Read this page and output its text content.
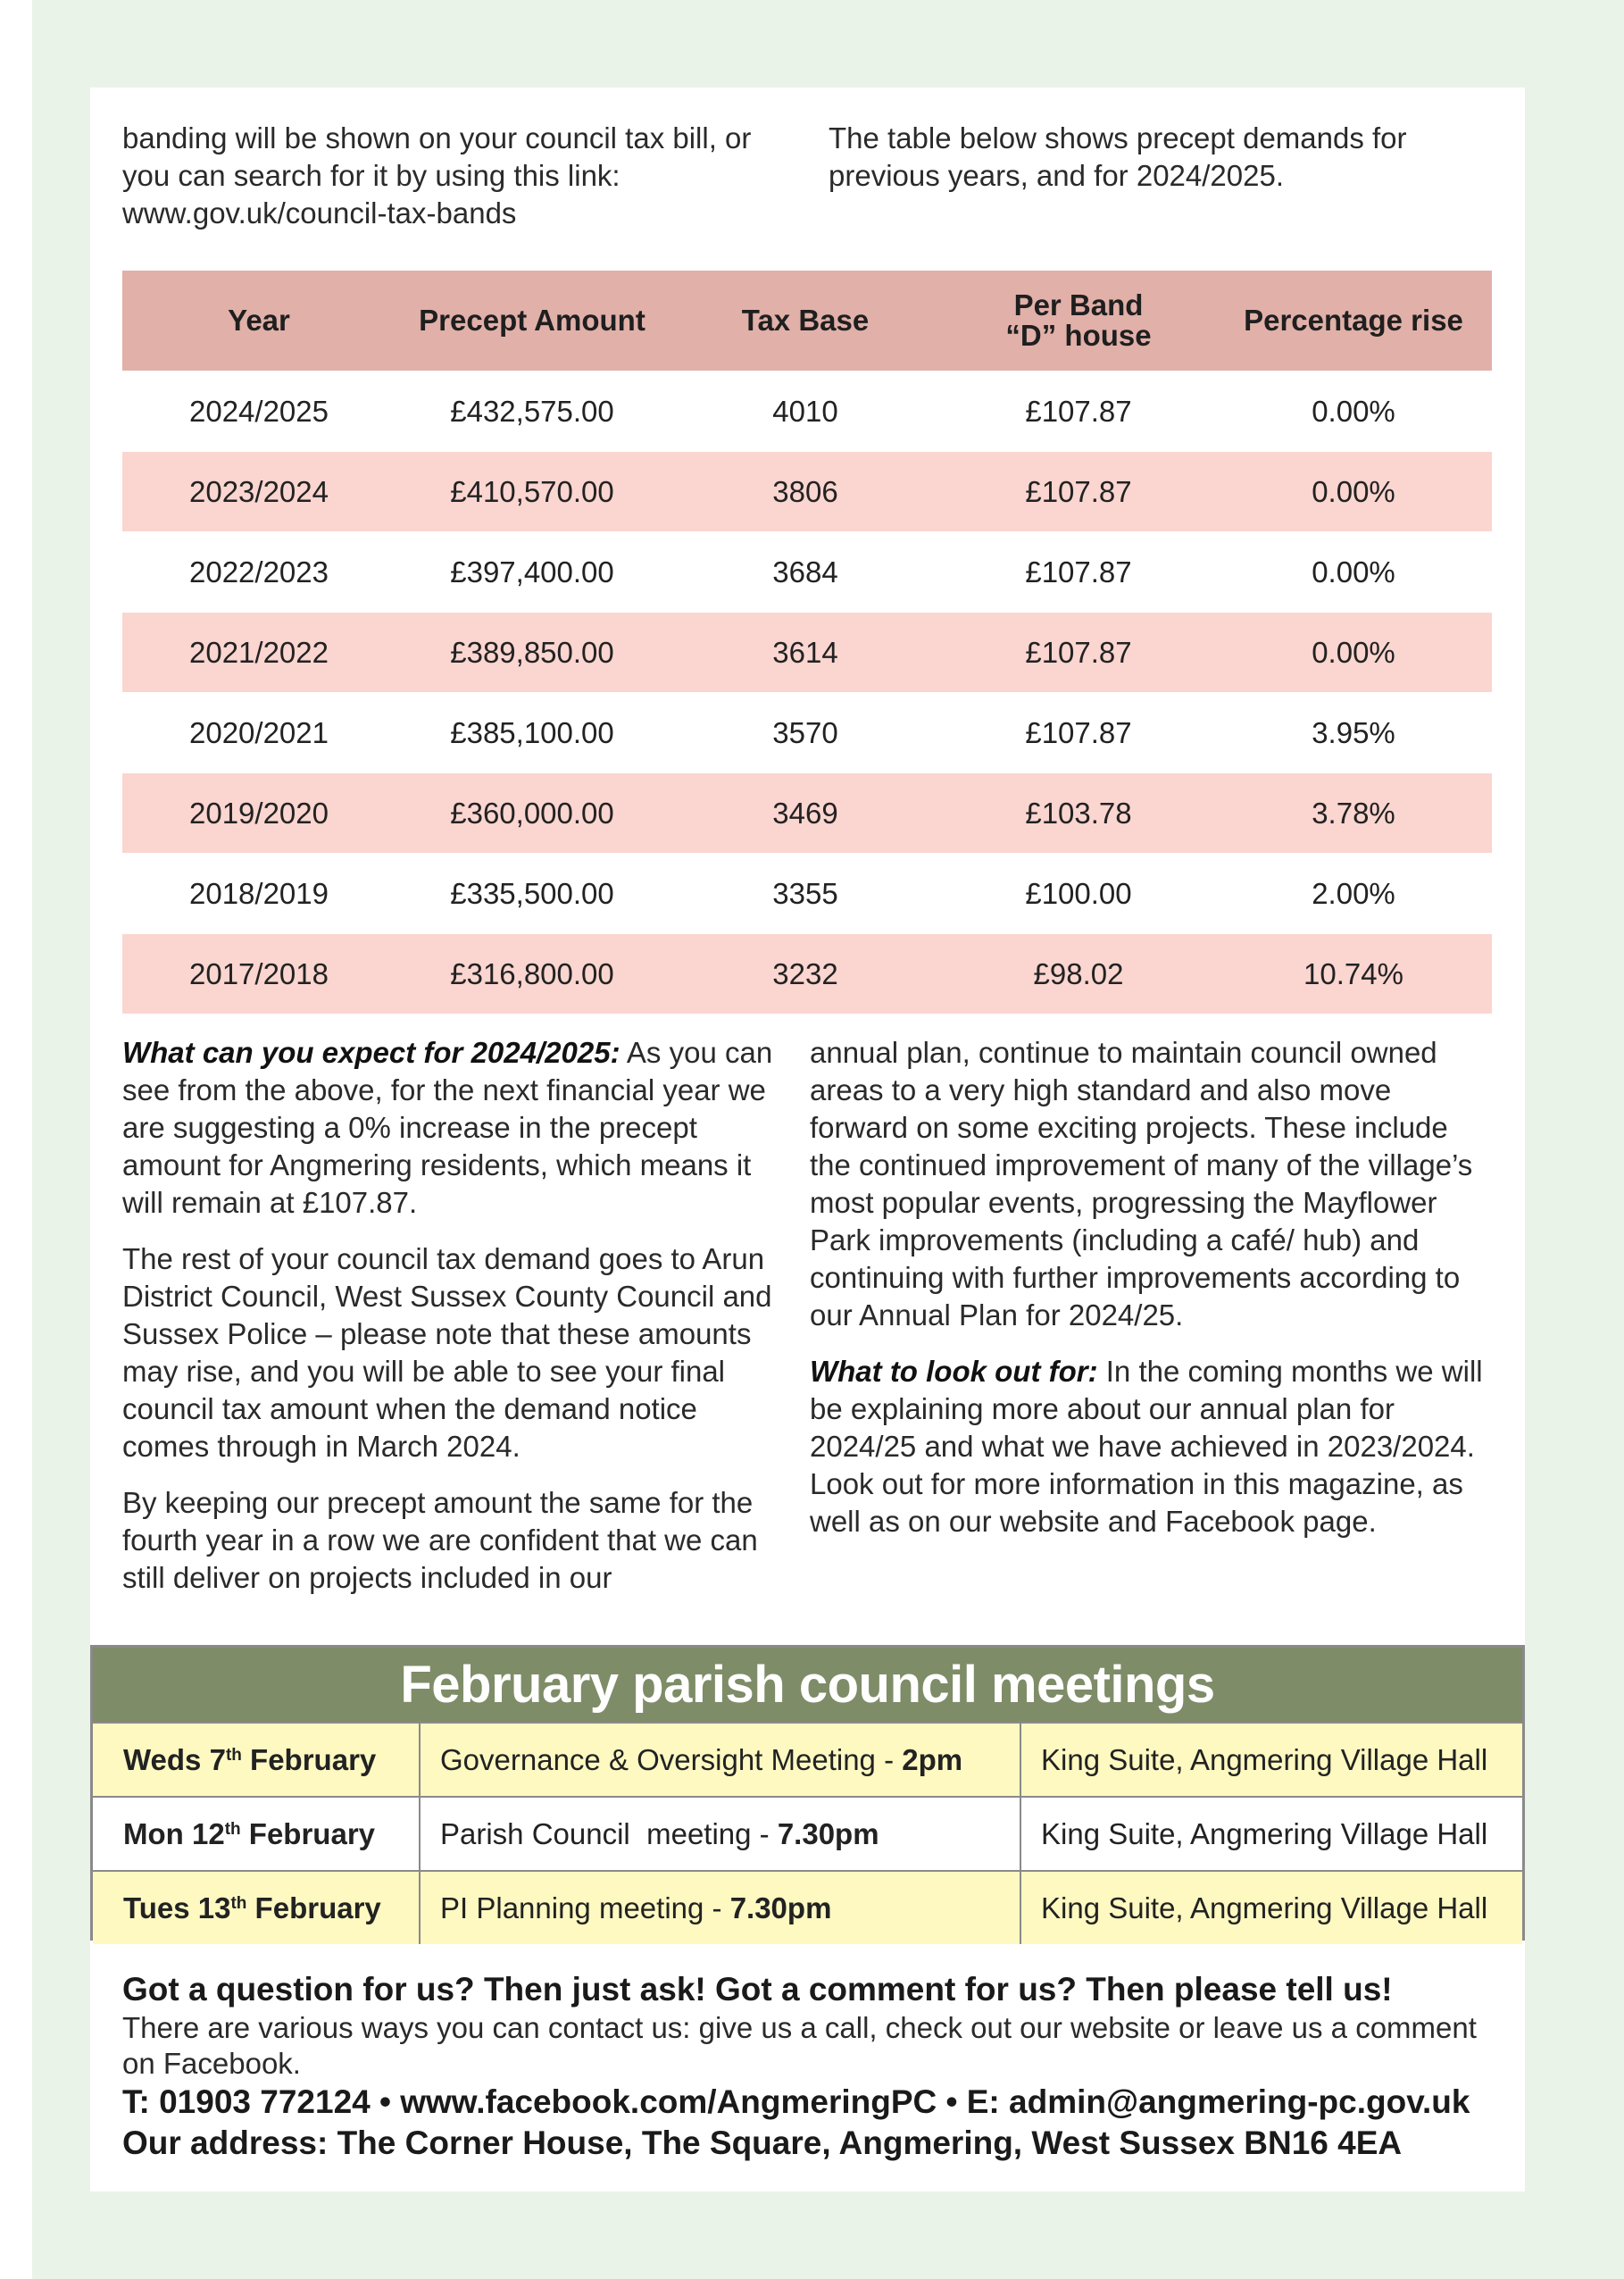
banding will be shown on your council tax bill, or you can search for it by using this link: www.gov.uk/council-tax-bands
The table below shows precept demands for previous years, and for 2024/2025.
Year	Precept Amount	Tax Base	Per Band “D” house	Percentage rise
2024/2025	£432,575.00	4010	£107.87	0.00%
2023/2024	£410,570.00	3806	£107.87	0.00%
2022/2023	£397,400.00	3684	£107.87	0.00%
2021/2022	£389,850.00	3614	£107.87	0.00%
2020/2021	£385,100.00	3570	£107.87	3.95%
2019/2020	£360,000.00	3469	£103.78	3.78%
2018/2019	£335,500.00	3355	£100.00	2.00%
2017/2018	£316,800.00	3232	£98.02	10.74%

What can you expect for 2024/2025: As you can see from the above, for the next financial year we are suggesting a 0% increase in the precept amount for Angmering residents, which means it will remain at £107.87.

The rest of your council tax demand goes to Arun District Council, West Sussex County Council and Sussex Police – please note that these amounts may rise, and you will be able to see your final council tax amount when the demand notice comes through in March 2024.

By keeping our precept amount the same for the fourth year in a row we are confident that we can still deliver on projects included in our

annual plan, continue to maintain council owned areas to a very high standard and also move forward on some exciting projects. These include the continued improvement of many of the village’s most popular events, progressing the Mayflower Park improvements (including a café/ hub) and continuing with further improvements according to our Annual Plan for 2024/25.

What to look out for: In the coming months we will be explaining more about our annual plan for 2024/25 and what we have achieved in 2023/2024. Look out for more information in this magazine, as well as on our website and Facebook page.

February parish council meetings
Weds 7th February	Governance & Oversight Meeting - 2pm	King Suite, Angmering Village Hall
Mon 12th February	Parish Council  meeting - 7.30pm	King Suite, Angmering Village Hall
Tues 13th February	PI Planning meeting - 7.30pm	King Suite, Angmering Village Hall
Got a question for us? Then just ask! Got a comment for us? Then please tell us!
There are various ways you can contact us: give us a call, check out our website or leave us a comment on Facebook.
T: 01903 772124 • www.facebook.com/AngmeringPC • E: admin@angmering-pc.gov.uk
Our address: The Corner House, The Square, Angmering, West Sussex BN16 4EA
